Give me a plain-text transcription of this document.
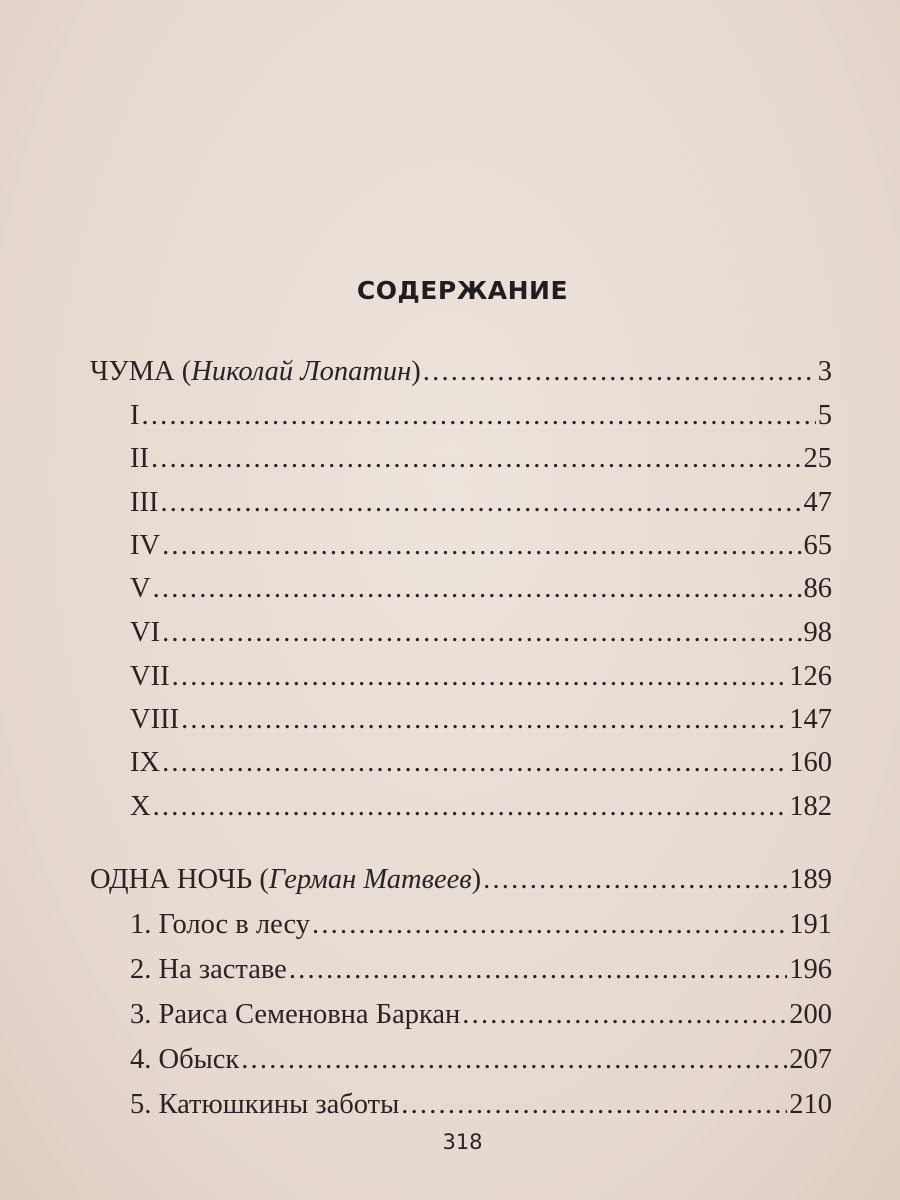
СОДЕРЖАНИЕ
ЧУМА (Николай Лопатин) .....	3
I .....	5
II .....	25
III .....	47
IV .....	65
V .....	86
VI .....	98
VII .....	126
VIII .....	147
IX .....	160
X .....	182
ОДНА НОЧЬ (Герман Матвеев) .....	189
1. Голос в лесу .....	191
2. На заставе .....	196
3. Раиса Семеновна Баркан .....	200
4. Обыск .....	207
5. Катюшкины заботы .....	210
318
